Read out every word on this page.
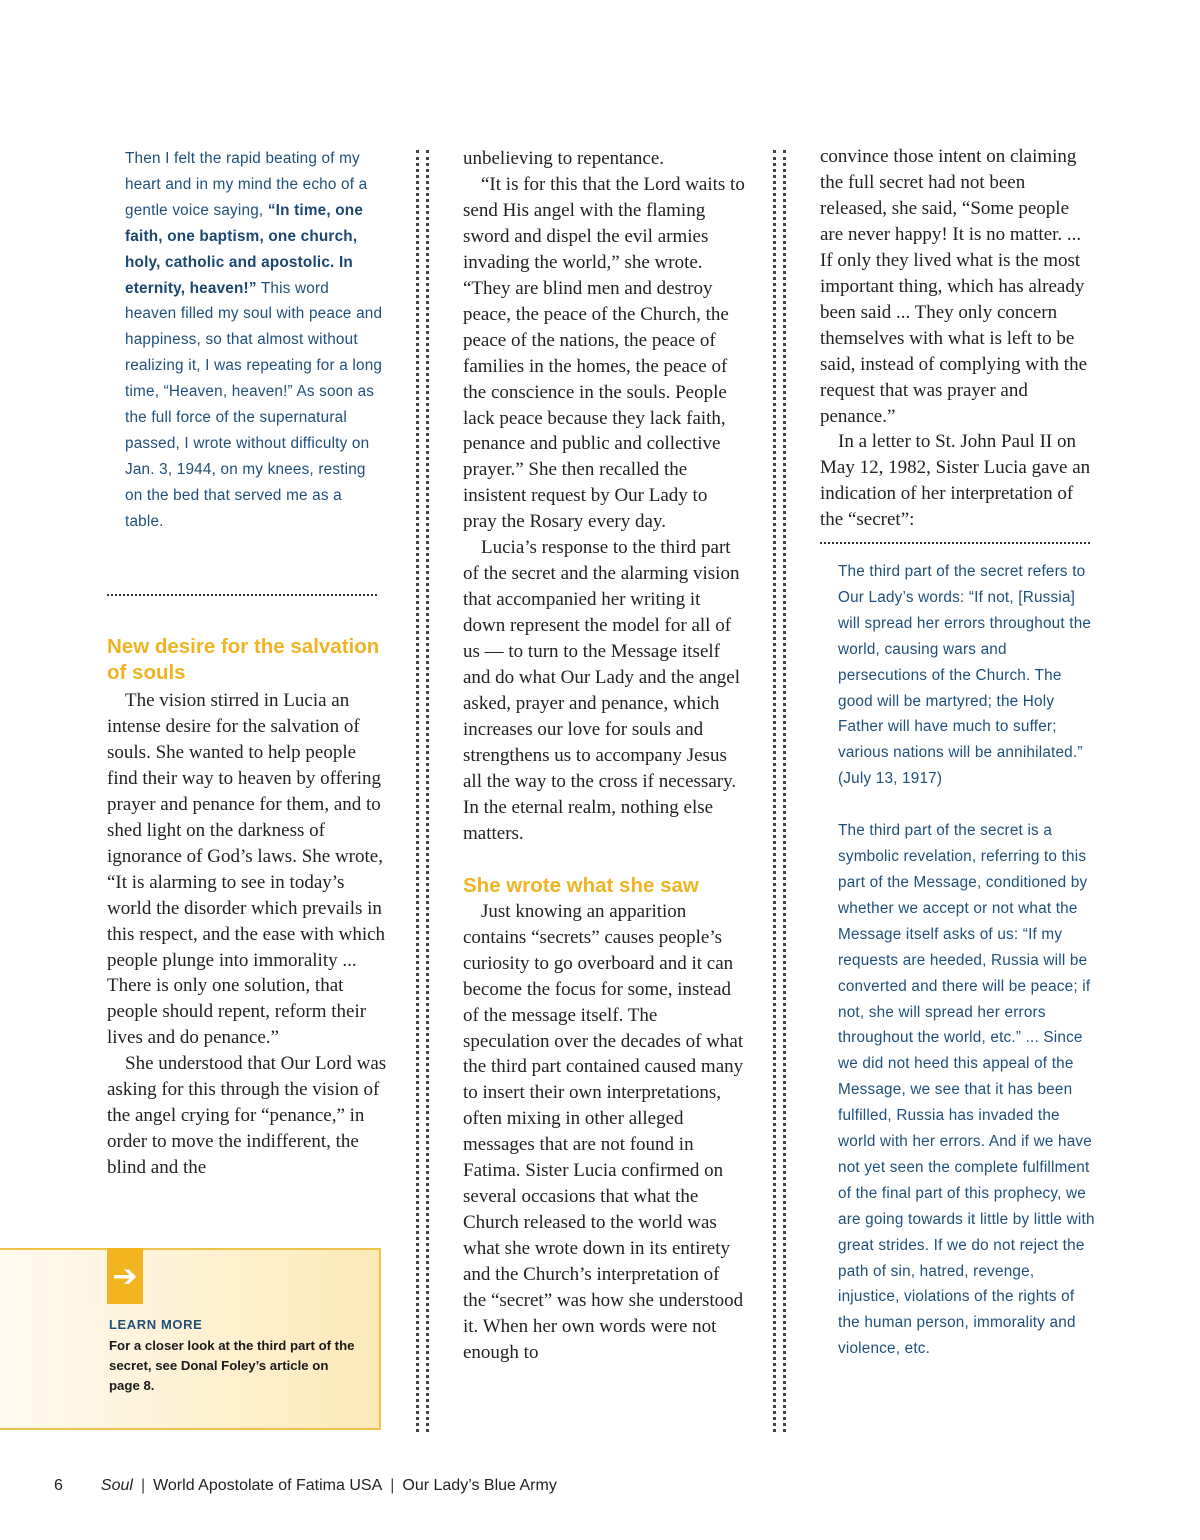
Then I felt the rapid beating of my heart and in my mind the echo of a gentle voice saying, “In time, one faith, one baptism, one church, holy, catholic and apostolic. In eternity, heaven!” This word heaven filled my soul with peace and happiness, so that almost without realizing it, I was repeating for a long time, “Heaven, heaven!” As soon as the full force of the supernatural passed, I wrote without difficulty on Jan. 3, 1944, on my knees, resting on the bed that served me as a table.

New desire for the salvation of souls

The vision stirred in Lucia an intense desire for the salvation of souls. She wanted to help people find their way to heaven by offering prayer and penance for them, and to shed light on the darkness of ignorance of God’s laws. She wrote, “It is alarming to see in today’s world the disorder which prevails in this respect, and the ease with which people plunge into immorality ... There is only one solution, that people should repent, reform their lives and do penance.”

She understood that Our Lord was asking for this through the vision of the angel crying for “penance,” in order to move the indifferent, the blind and the

unbelieving to repentance.

“It is for this that the Lord waits to send His angel with the flaming sword and dispel the evil armies invading the world,” she wrote. “They are blind men and destroy peace, the peace of the Church, the peace of the nations, the peace of families in the homes, the peace of the conscience in the souls. People lack peace because they lack faith, penance and public and collective prayer.” She then recalled the insistent request by Our Lady to pray the Rosary every day.

Lucia’s response to the third part of the secret and the alarming vision that accompanied her writing it down represent the model for all of us — to turn to the Message itself and do what Our Lady and the angel asked, prayer and penance, which increases our love for souls and strengthens us to accompany Jesus all the way to the cross if necessary. In the eternal realm, nothing else matters.

She wrote what she saw

Just knowing an apparition contains “secrets” causes people’s curiosity to go overboard and it can become the focus for some, instead of the message itself. The speculation over the decades of what the third part contained caused many to insert their own interpretations, often mixing in other alleged messages that are not found in Fatima. Sister Lucia confirmed on several occasions that what the Church released to the world was what she wrote down in its entirety and the Church’s interpretation of the “secret” was how she understood it. When her own words were not enough to

convince those intent on claiming the full secret had not been released, she said, “Some people are never happy! It is no matter. ... If only they lived what is the most important thing, which has already been said ... They only concern themselves with what is left to be said, instead of complying with the request that was prayer and penance.”

In a letter to St. John Paul II on May 12, 1982, Sister Lucia gave an indication of her interpretation of the “secret”:

The third part of the secret refers to Our Lady’s words: “If not, [Russia] will spread her errors throughout the world, causing wars and persecutions of the Church. The good will be martyred; the Holy Father will have much to suffer; various nations will be annihilated.” (July 13, 1917)

The third part of the secret is a symbolic revelation, referring to this part of the Message, conditioned by whether we accept or not what the Message itself asks of us: “If my requests are heeded, Russia will be converted and there will be peace; if not, she will spread her errors throughout the world, etc.” ... Since we did not heed this appeal of the Message, we see that it has been fulfilled, Russia has invaded the world with her errors. And if we have not yet seen the complete fulfillment of the final part of this prophecy, we are going towards it little by little with great strides. If we do not reject the path of sin, hatred, revenge, injustice, violations of the rights of the human person, immorality and violence, etc.

➔
LEARN MORE
For a closer look at the third part of the secret, see Donal Foley’s article on page 8.
6 Soul | World Apostolate of Fatima USA | Our Lady’s Blue Army
